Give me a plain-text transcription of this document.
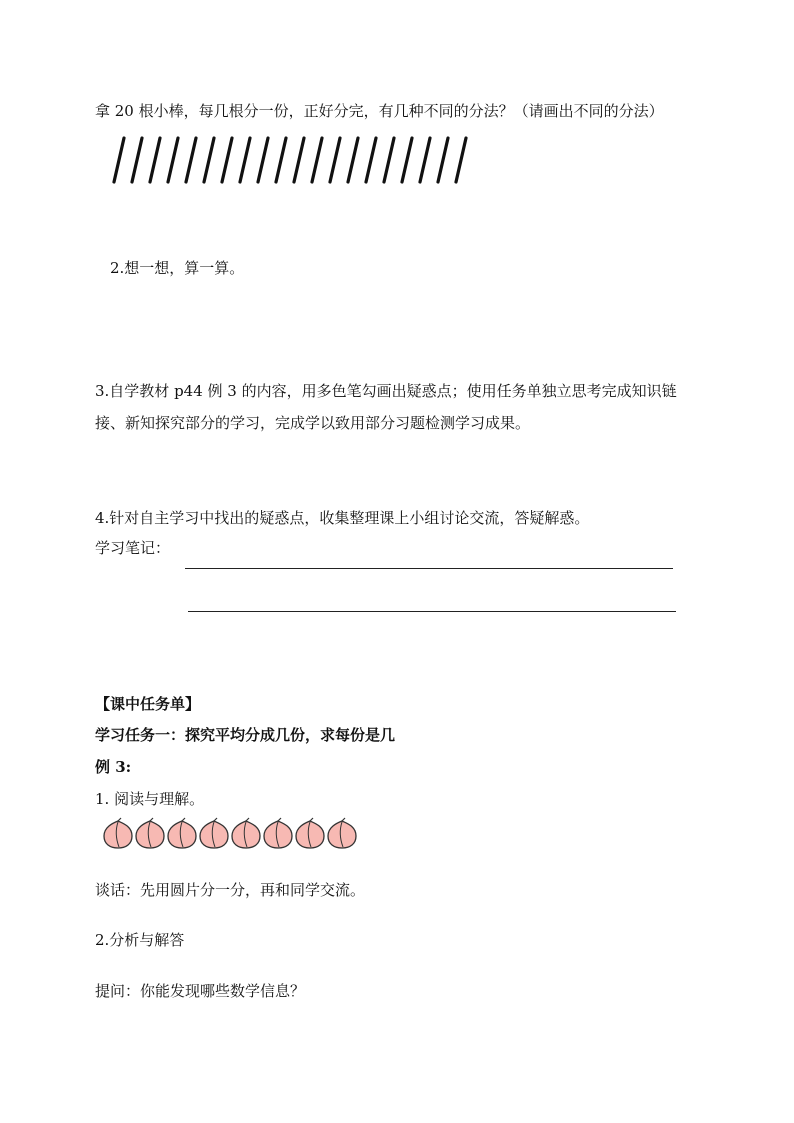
拿 20 根小棒，每几根分一份，正好分完，有几种不同的分法？（请画出不同的分法）
2.想一想，算一算。
3.自学教材 p44 例 3 的内容，用多色笔勾画出疑惑点；使用任务单独立思考完成知识链
接、新知探究部分的学习，完成学以致用部分习题检测学习成果。
4.针对自主学习中找出的疑惑点，收集整理课上小组讨论交流，答疑解惑。
学习笔记：
【课中任务单】
学习任务一：探究平均分成几份，求每份是几
例 3:
1. 阅读与理解。
谈话：先用圆片分一分，再和同学交流。
2.分析与解答
提问：你能发现哪些数学信息？
